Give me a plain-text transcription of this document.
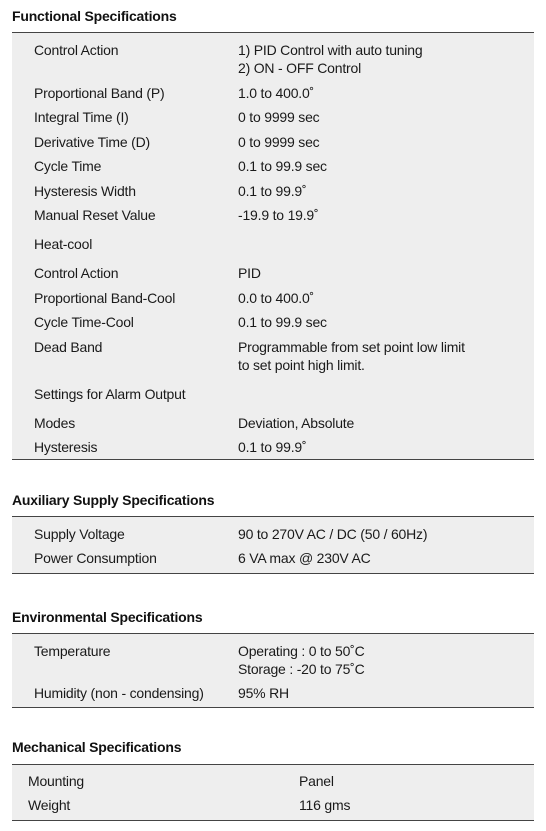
Functional Specifications
Control Action	1) PID Control with auto tuning
2) ON - OFF Control
Proportional Band (P)	1.0 to 400.0˚
Integral Time (I)	0 to 9999 sec
Derivative Time (D)	0 to 9999 sec
Cycle Time	0.1 to 99.9 sec
Hysteresis Width	0.1 to 99.9˚
Manual Reset Value	-19.9 to 19.9˚
Heat-cool
Control Action	PID
Proportional Band-Cool	0.0 to 400.0˚
Cycle Time-Cool	0.1 to 99.9 sec
Dead Band	Programmable from set point low limit
to set point high limit.
Settings for Alarm Output
Modes	Deviation, Absolute
Hysteresis	0.1 to 99.9˚
Auxiliary Supply Specifications
Supply Voltage	90 to 270V AC / DC (50 / 60Hz)
Power Consumption	6 VA max @ 230V AC
Environmental Specifications
Temperature	Operating : 0 to 50˚C
Storage : -20 to 75˚C
Humidity (non - condensing) 95% RH
Mechanical Specifications
Mounting	Panel
Weight	116 gms
